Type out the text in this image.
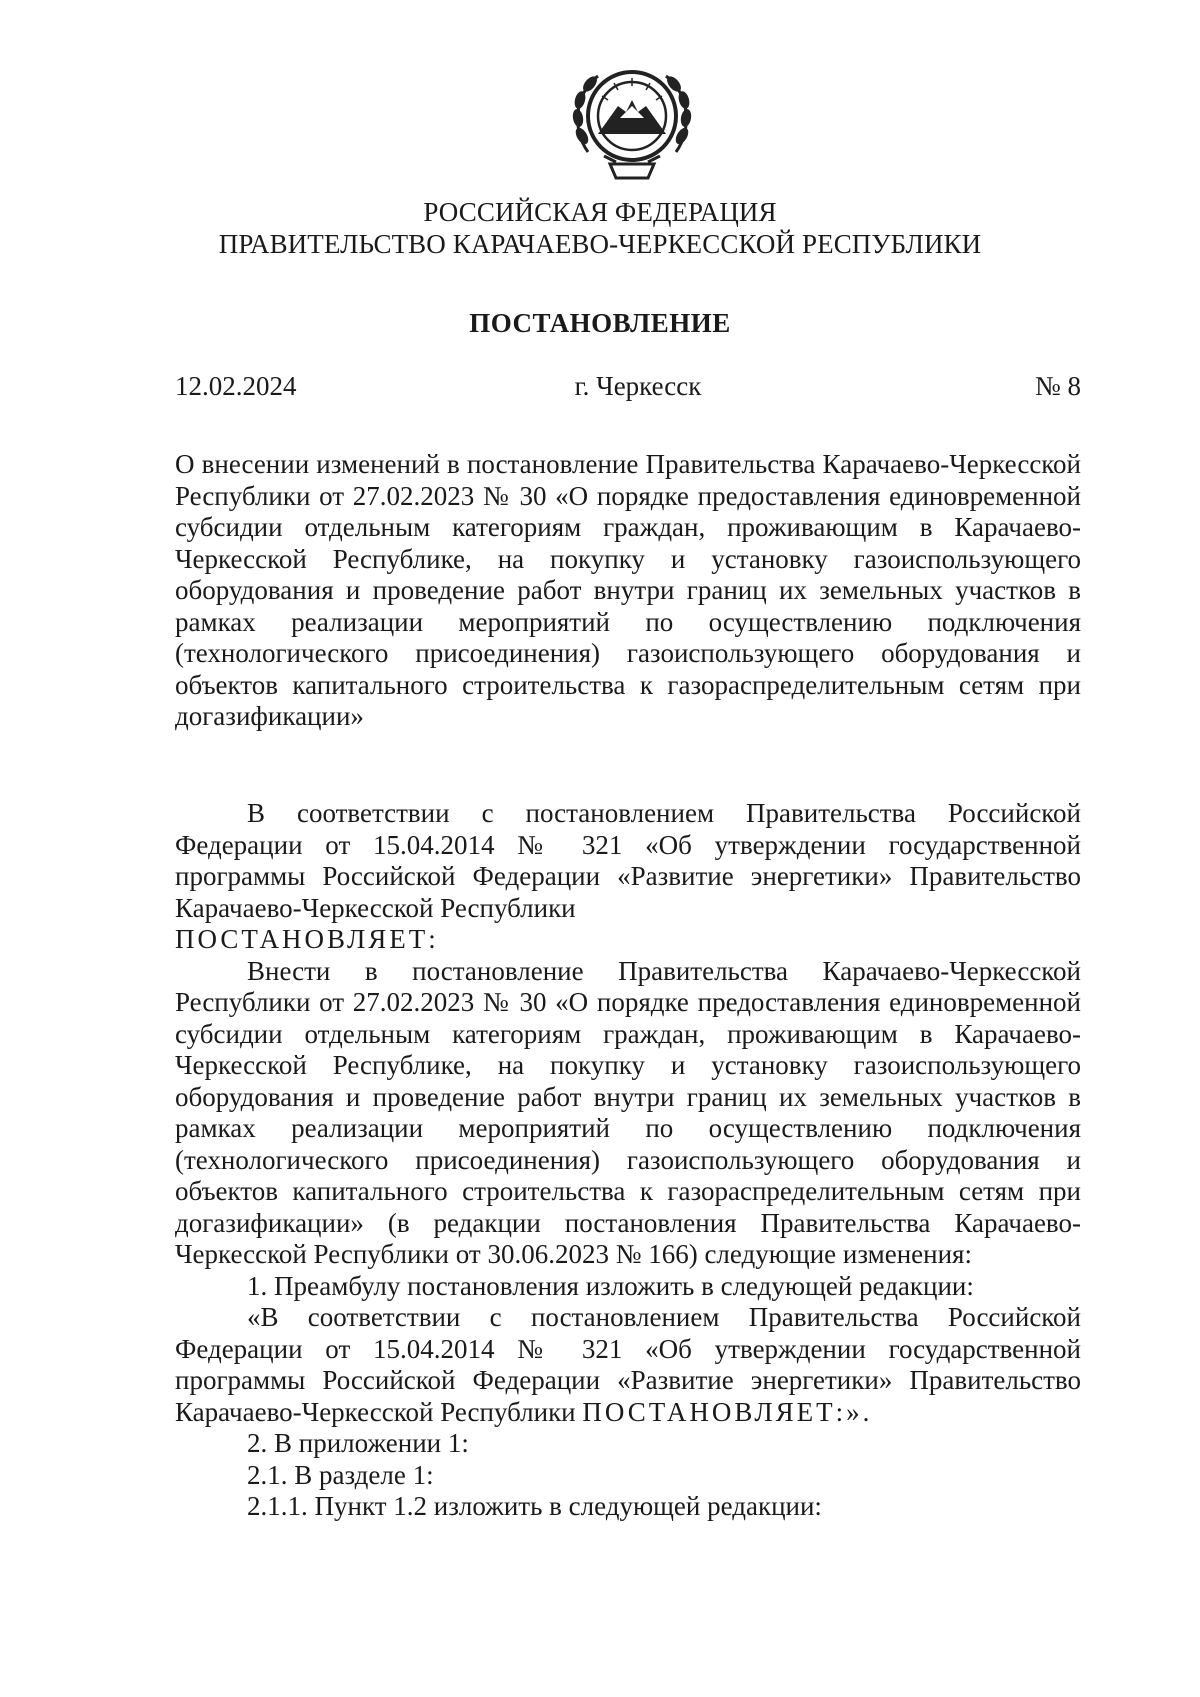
РОССИЙСКАЯ ФЕДЕРАЦИЯ
ПРАВИТЕЛЬСТВО КАРАЧАЕВО-ЧЕРКЕССКОЙ РЕСПУБЛИКИ
ПОСТАНОВЛЕНИЕ
12.02.2024	г. Черкесск	№ 8
О внесении изменений в постановление Правительства Карачаево-Черкесской Республики от 27.02.2023 № 30 «О порядке предоставления единовременной субсидии отдельным категориям граждан, проживающим в Карачаево-Черкесской Республике, на покупку и установку газоиспользующего оборудования и проведение работ внутри границ их земельных участков в рамках реализации мероприятий по осуществлению подключения (технологического присоединения) газоиспользующего оборудования и объектов капитального строительства к газораспределительным сетям при догазификации»

В соответствии с постановлением Правительства Российской Федерации от 15.04.2014 № 321 «Об утверждении государственной программы Российской Федерации «Развитие энергетики» Правительство Карачаево-Черкесской Республики

ПОСТАНОВЛЯЕТ:

Внести в постановление Правительства Карачаево-Черкесской Республики от 27.02.2023 № 30 «О порядке предоставления единовременной субсидии отдельным категориям граждан, проживающим в Карачаево-Черкесской Республике, на покупку и установку газоиспользующего оборудования и проведение работ внутри границ их земельных участков в рамках реализации мероприятий по осуществлению подключения (технологического присоединения) газоиспользующего оборудования и объектов капитального строительства к газораспределительным сетям при догазификации» (в редакции постановления Правительства Карачаево-Черкесской Республики от 30.06.2023 № 166) следующие изменения:

1. Преамбулу постановления изложить в следующей редакции:

«В соответствии с постановлением Правительства Российской Федерации от 15.04.2014 № 321 «Об утверждении государственной программы Российской Федерации «Развитие энергетики» Правительство Карачаево-Черкесской Республики ПОСТАНОВЛЯЕТ:».

2. В приложении 1:

2.1. В разделе 1:

2.1.1. Пункт 1.2 изложить в следующей редакции:
